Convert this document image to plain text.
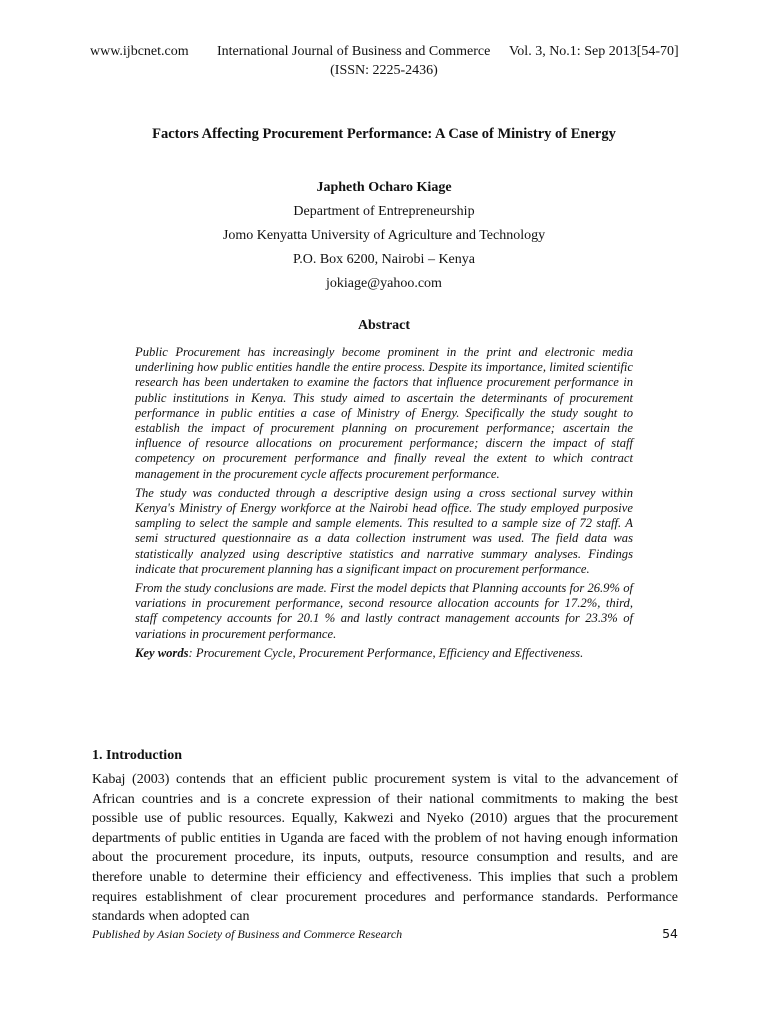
www.ijbcnet.com International Journal of Business and Commerce Vol. 3, No.1: Sep 2013[54-70]
(ISSN: 2225-2436)
Factors Affecting Procurement Performance: A Case of Ministry of Energy
Japheth Ocharo Kiage
Department of Entrepreneurship
Jomo Kenyatta University of Agriculture and Technology
P.O. Box 6200, Nairobi – Kenya
jokiage@yahoo.com
Abstract

Public Procurement has increasingly become prominent in the print and electronic media underlining how public entities handle the entire process. Despite its importance, limited scientific research has been undertaken to examine the factors that influence procurement performance in public institutions in Kenya. This study aimed to ascertain the determinants of procurement performance in public entities a case of Ministry of Energy. Specifically the study sought to establish the impact of procurement planning on procurement performance; ascertain the influence of resource allocations on procurement performance; discern the impact of staff competency on procurement performance and finally reveal the extent to which contract management in the procurement cycle affects procurement performance.

The study was conducted through a descriptive design using a cross sectional survey within Kenya's Ministry of Energy workforce at the Nairobi head office. The study employed purposive sampling to select the sample and sample elements. This resulted to a sample size of 72 staff. A semi structured questionnaire as a data collection instrument was used. The field data was statistically analyzed using descriptive statistics and narrative summary analyses. Findings indicate that procurement planning has a significant impact on procurement performance.

From the study conclusions are made. First the model depicts that Planning accounts for 26.9% of variations in procurement performance, second resource allocation accounts for 17.2%, third, staff competency accounts for 20.1 % and lastly contract management accounts for 23.3% of variations in procurement performance.

Key words: Procurement Cycle, Procurement Performance, Efficiency and Effectiveness.

1. Introduction

Kabaj (2003) contends that an efficient public procurement system is vital to the advancement of African countries and is a concrete expression of their national commitments to making the best possible use of public resources. Equally, Kakwezi and Nyeko (2010) argues that the procurement departments of public entities in Uganda are faced with the problem of not having enough information about the procurement procedure, its inputs, outputs, resource consumption and results, and are therefore unable to determine their efficiency and effectiveness. This implies that such a problem requires establishment of clear procurement procedures and performance standards. Performance standards when adopted can

Published by Asian Society of Business and Commerce Research	54
